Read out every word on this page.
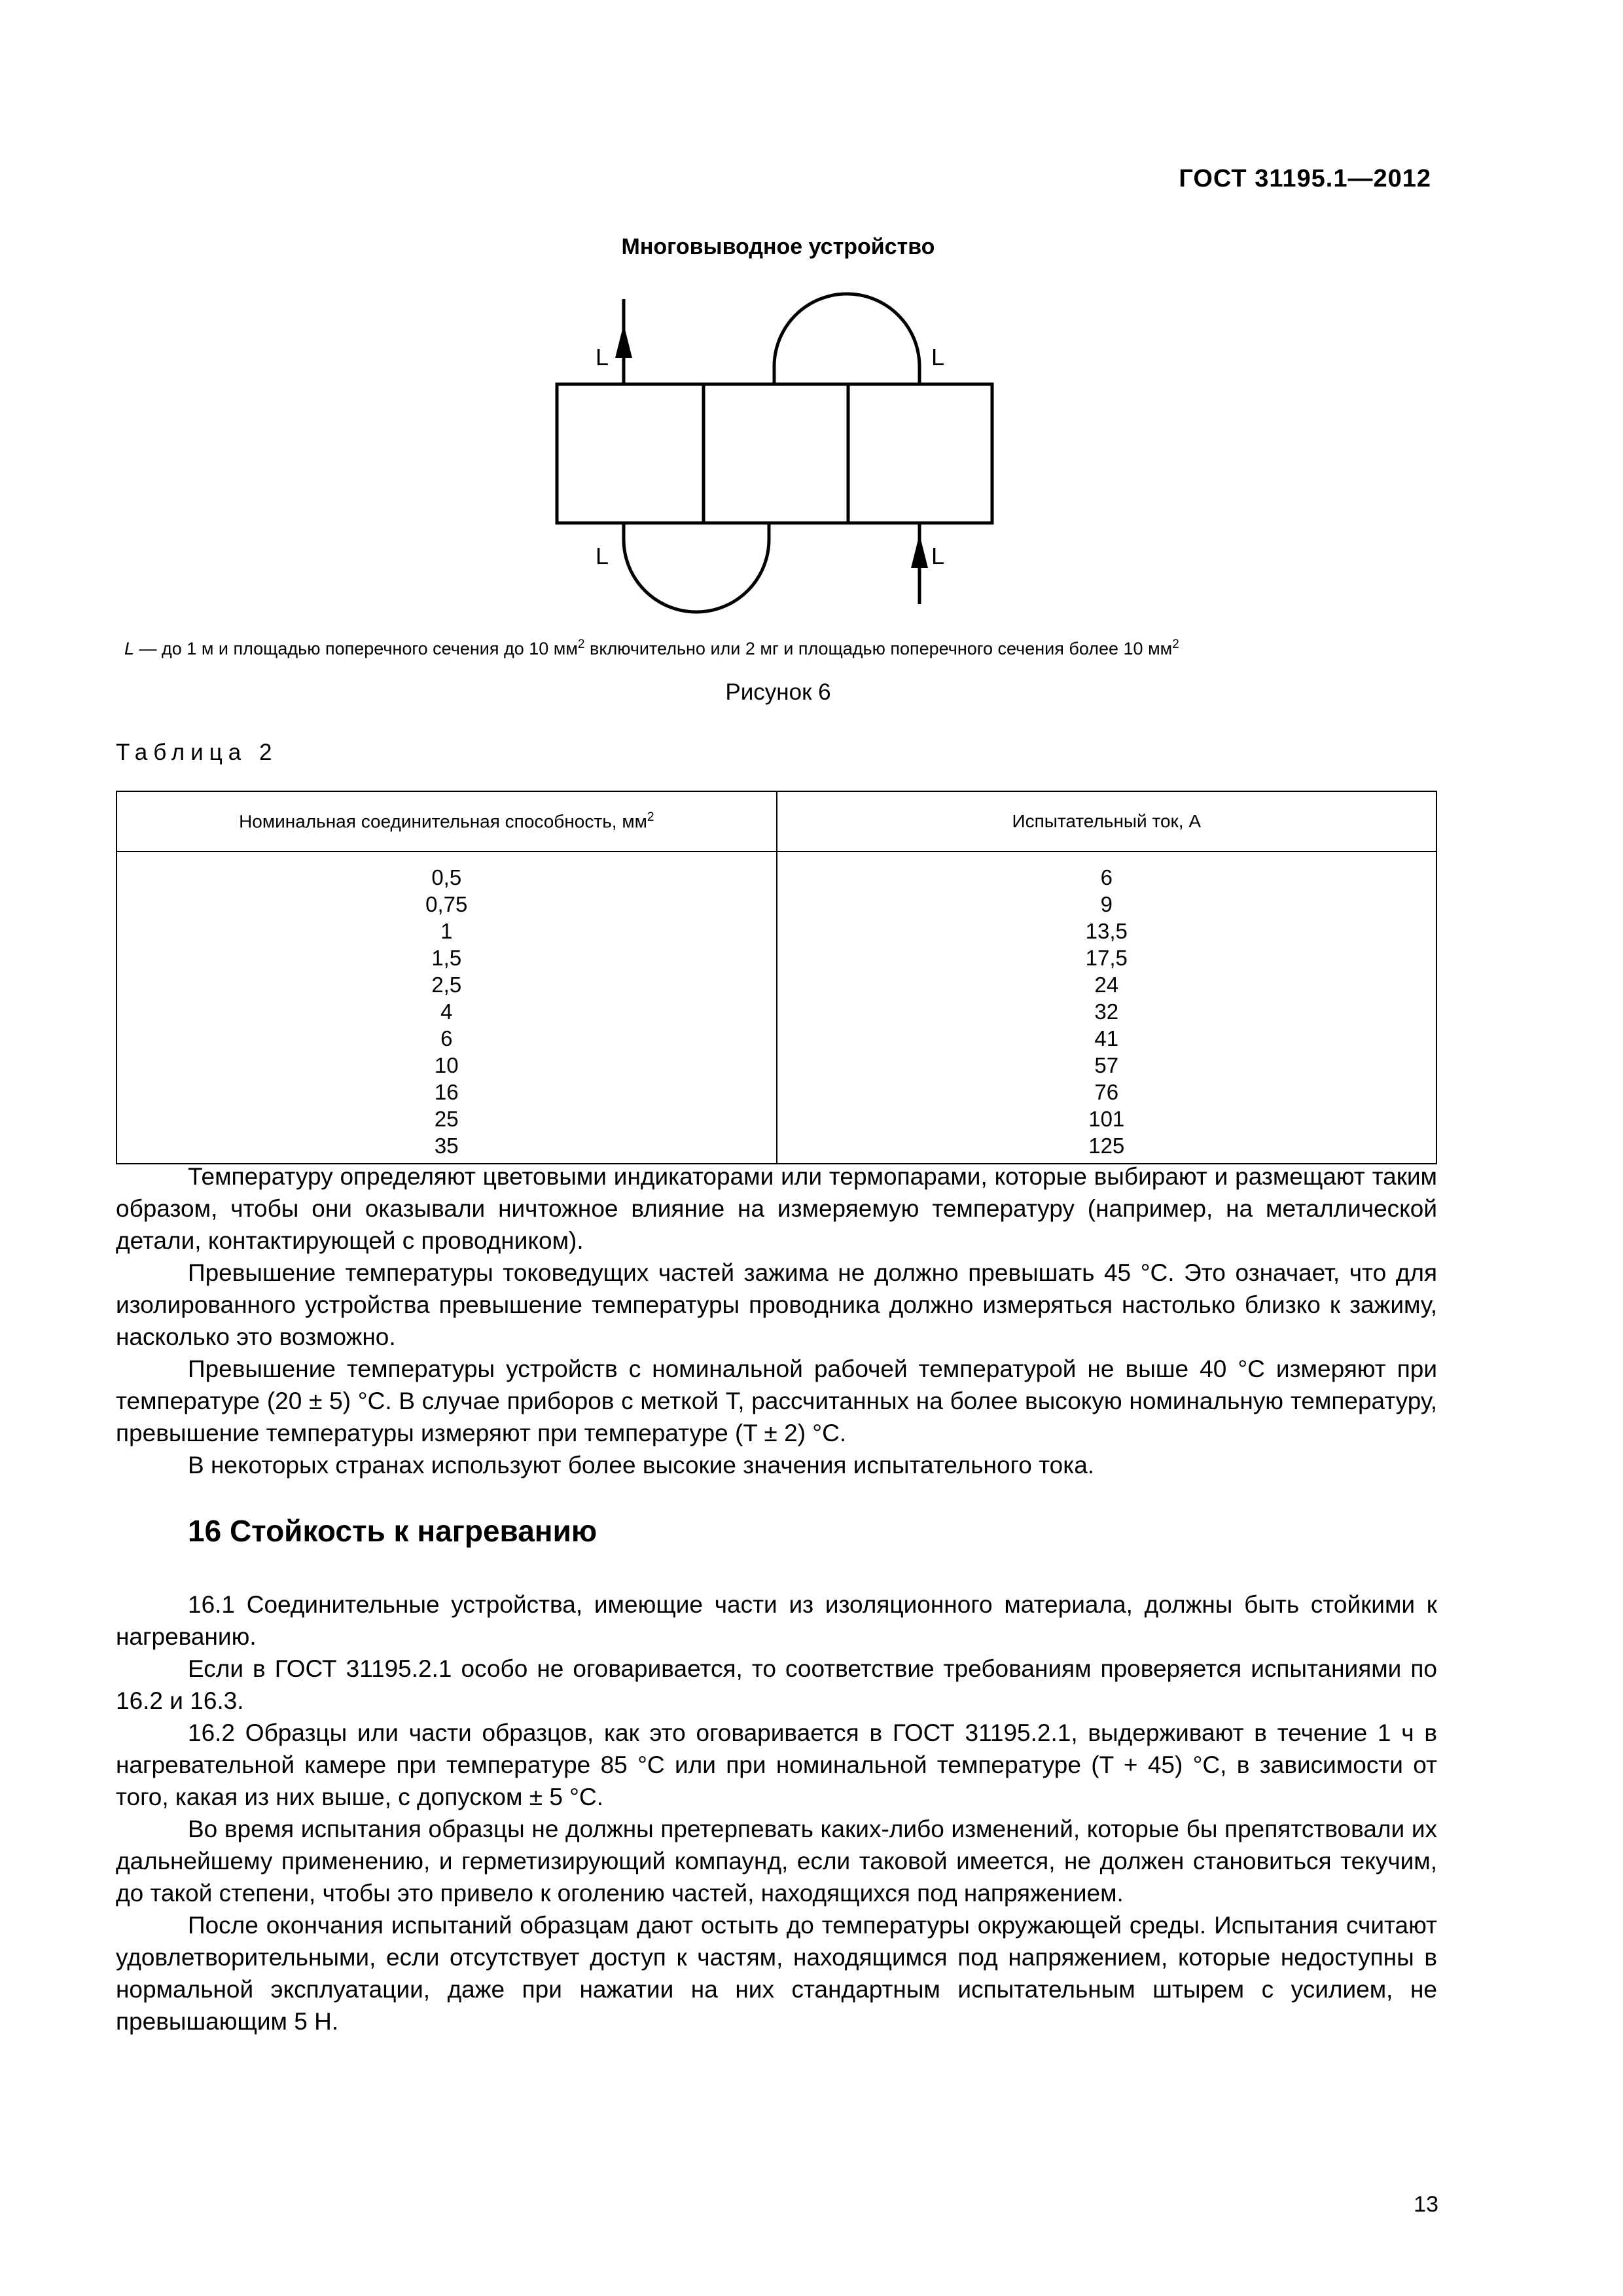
ГОСТ 31195.1—2012
Многовыводное устройство
L	L
L	L
L — до 1 м и площадью поперечного сечения до 10 $мм^2$ включительно или 2 мг и площадью поперечного сечения более 10 $мм^2$
Рисунок 6
Таблица 2
Номинальная соединительная способность, $мм^2$	Испытательный ток, А
0,5	6
0,75	9
1	13,5
1,5	17,5
2,5	24
4	32
6	41
10	57
16	76
25	101
35	125

Температуру определяют цветовыми индикаторами или термопарами, которые выбирают и размещают таким образом, чтобы они оказывали ничтожное влияние на измеряемую температуру (например, на металлической детали, контактирующей с проводником).

Превышение температуры токоведущих частей зажима не должно превышать 45 °С. Это означает, что для изолированного устройства превышение температуры проводника должно измеряться настолько близко к зажиму, насколько это возможно.

Превышение температуры устройств с номинальной рабочей температурой не выше 40 °С измеряют при температуре (20 ± 5) °С. В случае приборов с меткой Т, рассчитанных на более высокую номинальную температуру, превышение температуры измеряют при температуре (T ± 2) °С.

В некоторых странах используют более высокие значения испытательного тока.

16 Стойкость к нагреванию

16.1 Соединительные устройства, имеющие части из изоляционного материала, должны быть стойкими к нагреванию.

Если в ГОСТ 31195.2.1 особо не оговаривается, то соответствие требованиям проверяется испытаниями по 16.2 и 16.3.

16.2 Образцы или части образцов, как это оговаривается в ГОСТ 31195.2.1, выдерживают в течение 1 ч в нагревательной камере при температуре 85 °С или при номинальной температуре (T + 45) °С, в зависимости от того, какая из них выше, с допуском ± 5 °С.

Во время испытания образцы не должны претерпевать каких-либо изменений, которые бы препятствовали их дальнейшему применению, и герметизирующий компаунд, если таковой имеется, не должен становиться текучим, до такой степени, чтобы это привело к оголению частей, находящихся под напряжением.

После окончания испытаний образцам дают остыть до температуры окружающей среды. Испытания считают удовлетворительными, если отсутствует доступ к частям, находящимся под напряжением, которые недоступны в нормальной эксплуатации, даже при нажатии на них стандартным испытательным штырем с усилием, не превышающим 5 Н.

13
